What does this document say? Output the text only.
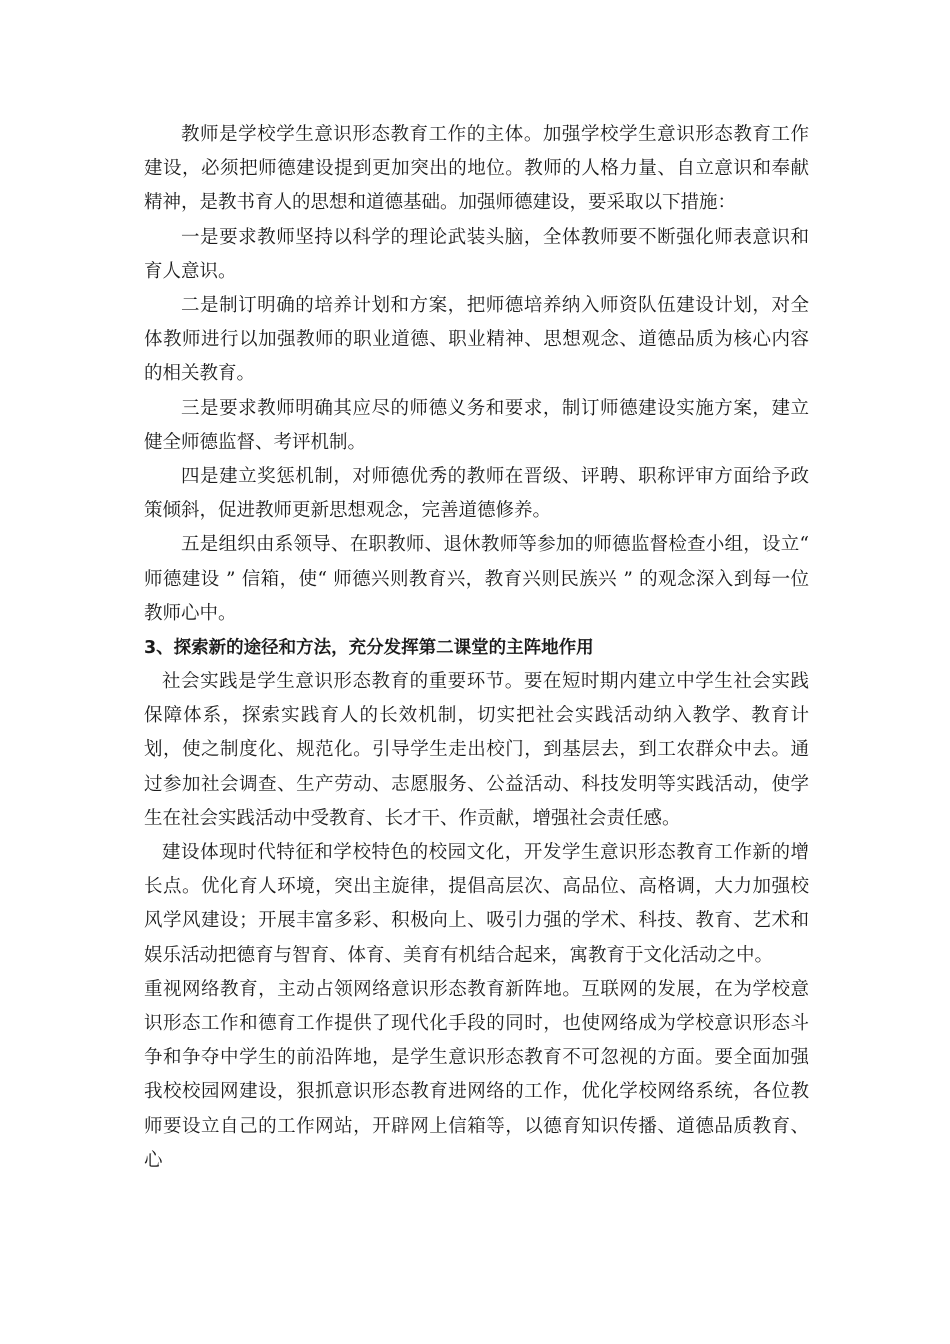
教师是学校学生意识形态教育工作的主体。加强学校学生意识形态教育工作建设，必须把师德建设提到更加突出的地位。教师的人格力量、自立意识和奉献精神，是教书育人的思想和道德基础。加强师德建设，要采取以下措施：

一是要求教师坚持以科学的理论武装头脑，全体教师要不断强化师表意识和育人意识。

二是制订明确的培养计划和方案，把师德培养纳入师资队伍建设计划，对全体教师进行以加强教师的职业道德、职业精神、思想观念、道德品质为核心内容的相关教育。

三是要求教师明确其应尽的师德义务和要求，制订师德建设实施方案，建立健全师德监督、考评机制。

四是建立奖惩机制，对师德优秀的教师在晋级、评聘、职称评审方面给予政策倾斜，促进教师更新思想观念，完善道德修养。

五是组织由系领导、在职教师、退休教师等参加的师德监督检查小组，设立“ 师德建设 ” 信箱，使“ 师德兴则教育兴，教育兴则民族兴 ” 的观念深入到每一位教师心中。

3、探索新的途径和方法，充分发挥第二课堂的主阵地作用

社会实践是学生意识形态教育的重要环节。要在短时期内建立中学生社会实践保障体系，探索实践育人的长效机制，切实把社会实践活动纳入教学、教育计划，使之制度化、规范化。引导学生走出校门，到基层去，到工农群众中去。通过参加社会调查、生产劳动、志愿服务、公益活动、科技发明等实践活动，使学生在社会实践活动中受教育、长才干、作贡献，增强社会责任感。

建设体现时代特征和学校特色的校园文化，开发学生意识形态教育工作新的增长点。优化育人环境，突出主旋律，提倡高层次、高品位、高格调，大力加强校风学风建设；开展丰富多彩、积极向上、吸引力强的学术、科技、教育、艺术和娱乐活动把德育与智育、体育、美育有机结合起来，寓教育于文化活动之中。

重视网络教育，主动占领网络意识形态教育新阵地。互联网的发展，在为学校意识形态工作和德育工作提供了现代化手段的同时，也使网络成为学校意识形态斗争和争夺中学生的前沿阵地，是学生意识形态教育不可忽视的方面。要全面加强我校校园网建设，狠抓意识形态教育进网络的工作，优化学校网络系统，各位教师要设立自己的工作网站，开辟网上信箱等，以德育知识传播、道德品质教育、心
